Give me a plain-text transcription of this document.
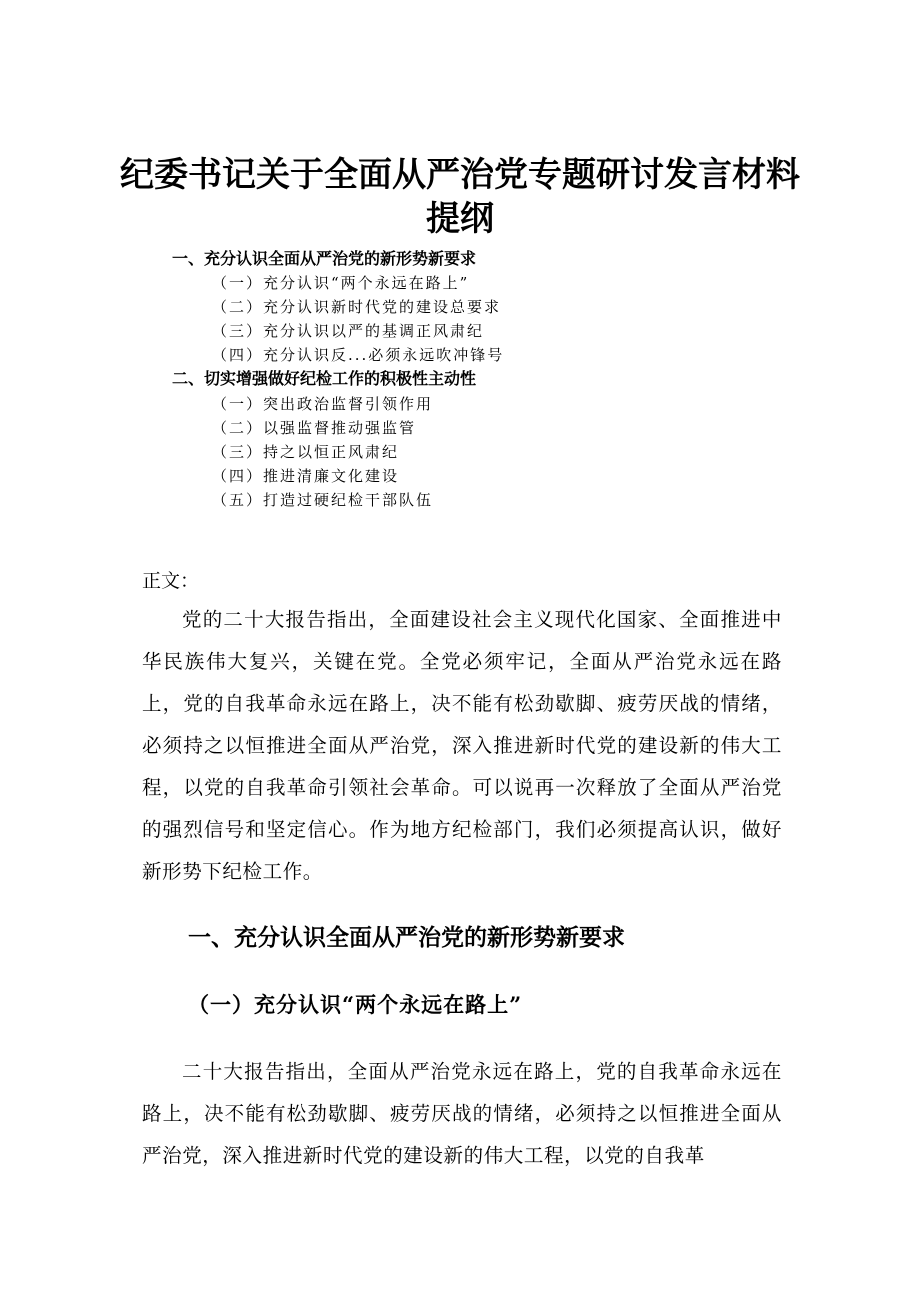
纪委书记关于全面从严治党专题研讨发言材料
提纲
一、充分认识全面从严治党的新形势新要求
（一）充分认识“两个永远在路上”
（二）充分认识新时代党的建设总要求
（三）充分认识以严的基调正风肃纪
（四）充分认识反...必须永远吹冲锋号
二、切实增强做好纪检工作的积极性主动性
（一）突出政治监督引领作用
（二）以强监督推动强监管
（三）持之以恒正风肃纪
（四）推进清廉文化建设
（五）打造过硬纪检干部队伍
正文：

党的二十大报告指出，全面建设社会主义现代化国家、全面推进中华民族伟大复兴，关键在党。全党必须牢记，全面从严治党永远在路上，党的自我革命永远在路上，决不能有松劲歇脚、疲劳厌战的情绪，必须持之以恒推进全面从严治党，深入推进新时代党的建设新的伟大工程，以党的自我革命引领社会革命。可以说再一次释放了全面从严治党的强烈信号和坚定信心。作为地方纪检部门，我们必须提高认识，做好新形势下纪检工作。

一、充分认识全面从严治党的新形势新要求
（一）充分认识“两个永远在路上”

二十大报告指出，全面从严治党永远在路上，党的自我革命永远在路上，决不能有松劲歇脚、疲劳厌战的情绪，必须持之以恒推进全面从严治党，深入推进新时代党的建设新的伟大工程，以党的自我革
